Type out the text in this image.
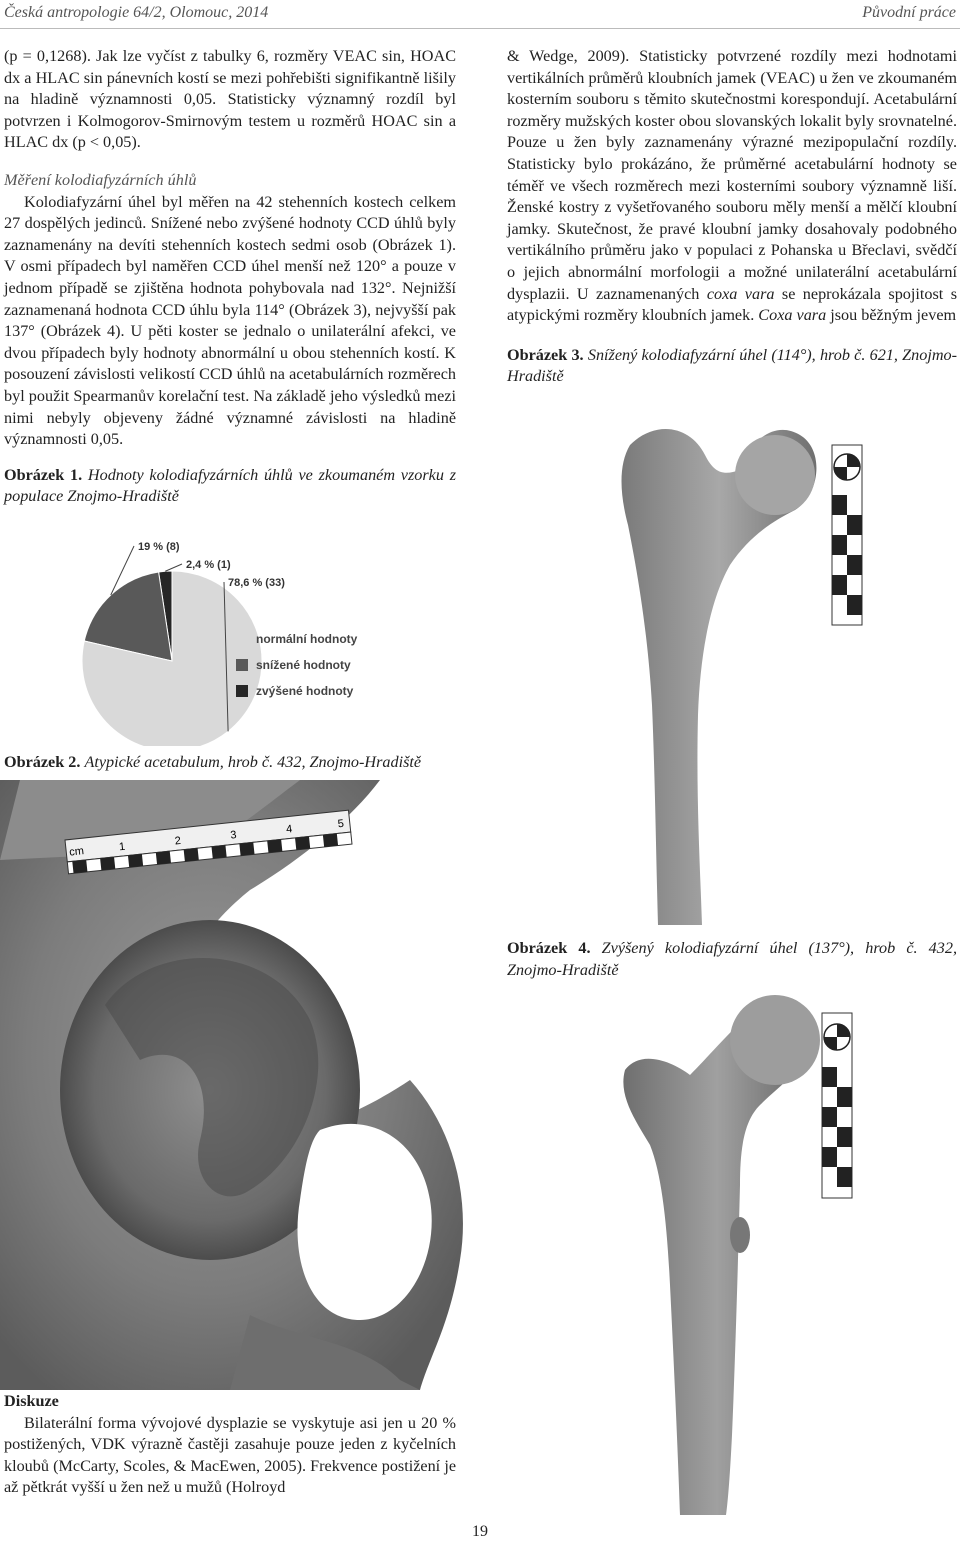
Česká antropologie 64/2, Olomouc, 2014	Původní práce

(p = 0,1268). Jak lze vyčíst z tabulky 6, rozměry VEAC sin, HOAC dx a HLAC sin pánevních kostí se mezi pohřebišti signifikantně lišily na hladině významnosti 0,05. Statisticky významný rozdíl byl potvrzen i Kolmogorov-Smirnovým testem u rozměrů HOAC sin a HLAC dx (p < 0,05).

Měření kolodiafyzárních úhlů

Kolodiafyzární úhel byl měřen na 42 stehenních kostech celkem 27 dospělých jedinců. Snížené nebo zvýšené hodnoty CCD úhlů byly zaznamenány na devíti stehenních kostech sedmi osob (Obrázek 1). V osmi případech byl naměřen CCD úhel menší než 120° a pouze v jednom případě se zjištěna hodnota pohybovala nad 132°. Nejnižší zaznamenaná hodnota CCD úhlu byla 114° (Obrázek 3), nejvyšší pak 137° (Obrázek 4). U pěti koster se jednalo o unilaterální afekci, ve dvou případech byly hodnoty abnormální u obou stehenních kostí. K posouzení závislosti velikostí CCD úhlů na acetabulárních rozměrech byl použit Spearmanův korelační test. Na základě jeho výsledků mezi nimi nebyly objeveny žádné významné závislosti na hladině významnosti 0,05.

Obrázek 1. Hodnoty kolodiafyzárních úhlů ve zkoumaném vzorku z populace Znojmo-Hradiště

19 % (8)
2,4 % (1)
78,6 % (33)
normální hodnoty
snížené hodnoty
zvýšené hodnoty
Obrázek 2. Atypické acetabulum, hrob č. 432, Znojmo-Hradiště
cm	1	2	3	4	5

Diskuze

Bilaterální forma vývojové dysplazie se vyskytuje asi jen u 20 % postižených, VDK výrazně častěji zasahuje pouze jeden z kyčelních kloubů (McCarty, Scoles, & MacEwen, 2005). Frekvence postižení je až pětkrát vyšší u žen než u mužů (Holroyd

& Wedge, 2009). Statisticky potvrzené rozdíly mezi hodnotami vertikálních průměrů kloubních jamek (VEAC) u žen ve zkoumaném kosterním souboru s těmito skutečnostmi korespondují. Acetabulární rozměry mužských koster obou slovanských lokalit byly srovnatelné. Pouze u žen byly zaznamenány výrazné mezipopulační rozdíly. Statisticky bylo prokázáno, že průměrné acetabulární hodnoty se téměř ve všech rozměrech mezi kosterními soubory významně liší. Ženské kostry z vyšetřovaného souboru měly menší a mělčí kloubní jamky. Skutečnost, že pravé kloubní jamky dosahovaly podobného vertikálního průměru jako v populaci z Pohanska u Břeclavi, svědčí o jejich abnormální morfologii a možné unilaterální acetabulární dysplazii. U zaznamenaných coxa vara se neprokázala spojitost s atypickými rozměry kloubních jamek. Coxa vara jsou běžným jevem

Obrázek 3. Snížený kolodiafyzární úhel (114°), hrob č. 621, Znojmo-Hradiště

Obrázek 4. Zvýšený kolodiafyzární úhel (137°), hrob č. 432, Znojmo-Hradiště
19
